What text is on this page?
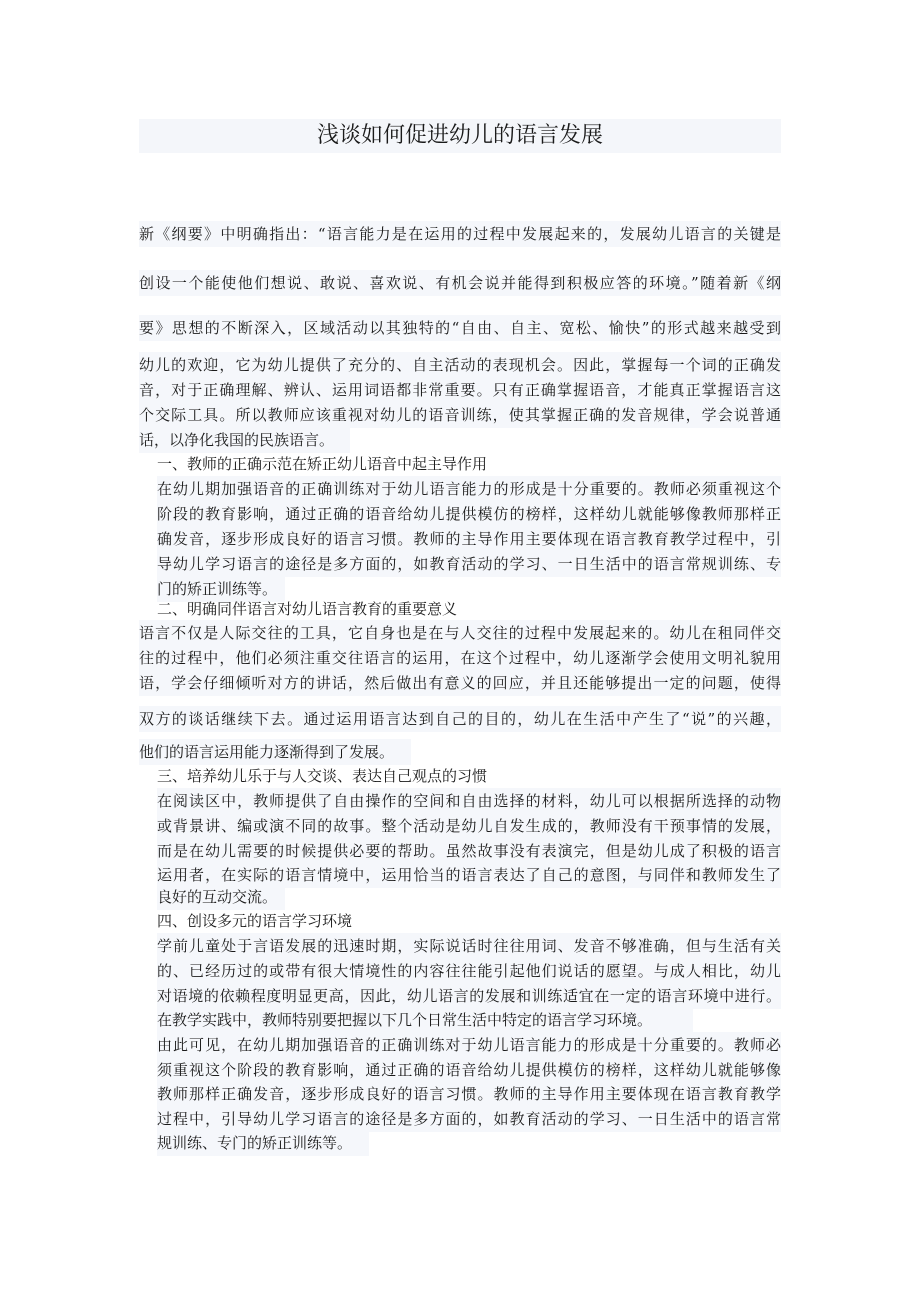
浅谈如何促进幼儿的语言发展
新《纲要》中明确指出：“语言能力是在运用的过程中发展起来的，发展幼儿语言的关键是
创设一个能使他们想说、敢说、喜欢说、有机会说并能得到积极应答的环境。”随着新《纲
要》思想的不断深入，区域活动以其独特的“自由、自主、宽松、愉快”的形式越来越受到
幼儿的欢迎，它为幼儿提供了充分的、自主活动的表现机会。因此，掌握每一个词的正确发
音，对于正确理解、辨认、运用词语都非常重要。只有正确掌握语音，才能真正掌握语言这
个交际工具。所以教师应该重视对幼儿的语音训练，使其掌握正确的发音规律，学会说普通
话，以净化我国的民族语言。
一、教师的正确示范在矫正幼儿语音中起主导作用
在幼儿期加强语音的正确训练对于幼儿语言能力的形成是十分重要的。教师必须重视这个
阶段的教育影响，通过正确的语音给幼儿提供模仿的榜样，这样幼儿就能够像教师那样正
确发音，逐步形成良好的语言习惯。教师的主导作用主要体现在语言教育教学过程中，引
导幼儿学习语言的途径是多方面的，如教育活动的学习、一日生活中的语言常规训练、专
门的矫正训练等。
二、明确同伴语言对幼儿语言教育的重要意义
语言不仅是人际交往的工具，它自身也是在与人交往的过程中发展起来的。幼儿在租同伴交
往的过程中，他们必须注重交往语言的运用，在这个过程中，幼儿逐渐学会使用文明礼貌用
语，学会仔细倾听对方的讲话，然后做出有意义的回应，并且还能够提出一定的问题，使得
双方的谈话继续下去。通过运用语言达到自己的目的，幼儿在生活中产生了“说”的兴趣，
他们的语言运用能力逐渐得到了发展。
三、培养幼儿乐于与人交谈、表达自己观点的习惯
在阅读区中，教师提供了自由操作的空间和自由选择的材料，幼儿可以根据所选择的动物
或背景讲、编或演不同的故事。整个活动是幼儿自发生成的，教师没有干预事情的发展，
而是在幼儿需要的时候提供必要的帮助。虽然故事没有表演完，但是幼儿成了积极的语言
运用者，在实际的语言情境中，运用恰当的语言表达了自己的意图，与同伴和教师发生了
良好的互动交流。
四、创设多元的语言学习环境
学前儿童处于言语发展的迅速时期，实际说话时往往用词、发音不够准确，但与生活有关
的、已经历过的或带有很大情境性的内容往往能引起他们说话的愿望。与成人相比，幼儿
对语境的依赖程度明显更高，因此，幼儿语言的发展和训练适宜在一定的语言环境中进行。
在教学实践中，教师特别要把握以下几个日常生活中特定的语言学习环境。
由此可见，在幼儿期加强语音的正确训练对于幼儿语言能力的形成是十分重要的。教师必
须重视这个阶段的教育影响，通过正确的语音给幼儿提供模仿的榜样，这样幼儿就能够像
教师那样正确发音，逐步形成良好的语言习惯。教师的主导作用主要体现在语言教育教学
过程中，引导幼儿学习语言的途径是多方面的，如教育活动的学习、一日生活中的语言常
规训练、专门的矫正训练等。
